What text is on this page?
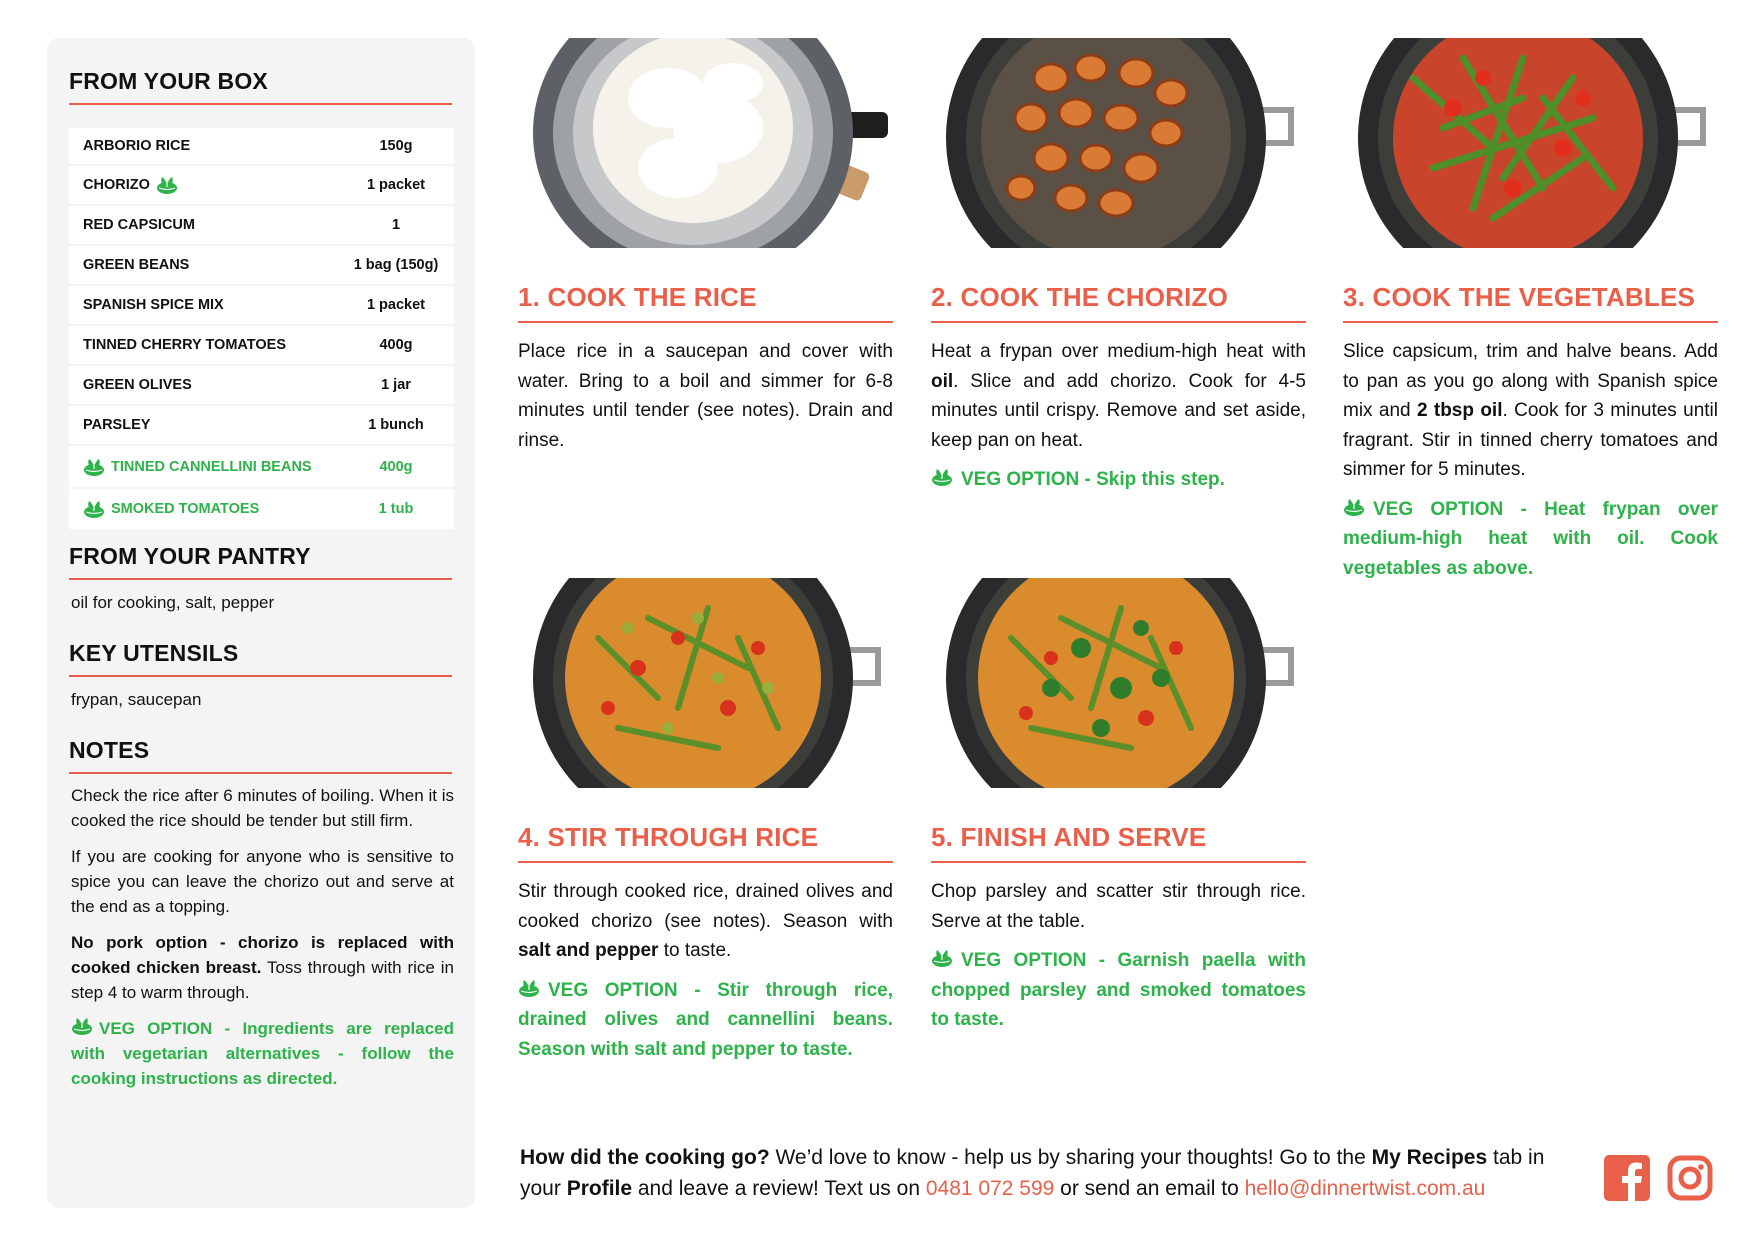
FROM YOUR BOX
ARBORIO RICE	150g
CHORIZO	1 packet
RED CAPSICUM	1
GREEN BEANS	1 bag (150g)
SPANISH SPICE MIX	1 packet
TINNED CHERRY TOMATOES	400g
GREEN OLIVES	1 jar
PARSLEY	1 bunch
TINNED CANNELLINI BEANS	400g
SMOKED TOMATOES	1 tub
FROM YOUR PANTRY
oil for cooking, salt, pepper
KEY UTENSILS
frypan, saucepan
NOTES

Check the rice after 6 minutes of boiling. When it is cooked the rice should be tender but still firm.

If you are cooking for anyone who is sensitive to spice you can leave the chorizo out and serve at the end as a topping.

No pork option - chorizo is replaced with cooked chicken breast. Toss through with rice in step 4 to warm through.

VEG OPTION - Ingredients are replaced with vegetarian alternatives - follow the cooking instructions as directed.

1. COOK THE RICE

Place rice in a saucepan and cover with water. Bring to a boil and simmer for 6-8 minutes until tender (see notes). Drain and rinse.

2. COOK THE CHORIZO

Heat a frypan over medium-high heat with oil. Slice and add chorizo. Cook for 4-5 minutes until crispy. Remove and set aside, keep pan on heat.

VEG OPTION - Skip this step.

3. COOK THE VEGETABLES

Slice capsicum, trim and halve beans. Add to pan as you go along with Spanish spice mix and 2 tbsp oil. Cook for 3 minutes until fragrant. Stir in tinned cherry tomatoes and simmer for 5 minutes.

VEG OPTION - Heat frypan over medium-high heat with oil. Cook vegetables as above.

4. STIR THROUGH RICE

Stir through cooked rice, drained olives and cooked chorizo (see notes). Season with salt and pepper to taste.

VEG OPTION - Stir through rice, drained olives and cannellini beans. Season with salt and pepper to taste.

5. FINISH AND SERVE

Chop parsley and scatter stir through rice. Serve at the table.

VEG OPTION - Garnish paella with chopped parsley and smoked tomatoes to taste.

How did the cooking go? We’d love to know - help us by sharing your thoughts! Go to the My Recipes tab in your Profile and leave a review! Text us on 0481 072 599 or send an email to hello@dinnertwist.com.au
